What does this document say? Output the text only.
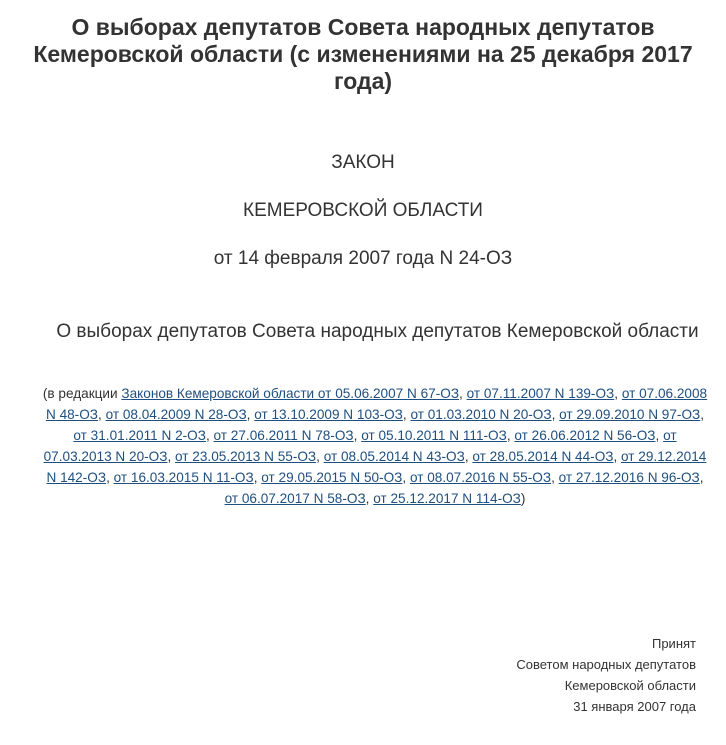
О выборах депутатов Совета народных депутатов Кемеровской области (с изменениями на 25 декабря 2017 года)
ЗАКОН
КЕМЕРОВСКОЙ ОБЛАСТИ
от 14 февраля 2007 года N 24-ОЗ
О выборах депутатов Совета народных депутатов Кемеровской области
(в редакции Законов Кемеровской области от 05.06.2007 N 67-ОЗ, от 07.11.2007 N 139-ОЗ, от 07.06.2008 N 48-ОЗ, от 08.04.2009 N 28-ОЗ, от 13.10.2009 N 103-ОЗ, от 01.03.2010 N 20-ОЗ, от 29.09.2010 N 97-ОЗ, от 31.01.2011 N 2-ОЗ, от 27.06.2011 N 78-ОЗ, от 05.10.2011 N 111-ОЗ, от 26.06.2012 N 56-ОЗ, от 07.03.2013 N 20-ОЗ, от 23.05.2013 N 55-ОЗ, от 08.05.2014 N 43-ОЗ, от 28.05.2014 N 44-ОЗ, от 29.12.2014 N 142-ОЗ, от 16.03.2015 N 11-ОЗ, от 29.05.2015 N 50-ОЗ, от 08.07.2016 N 55-ОЗ, от 27.12.2016 N 96-ОЗ, от 06.07.2017 N 58-ОЗ, от 25.12.2017 N 114-ОЗ)
Принят
Советом народных депутатов
Кемеровской области
31 января 2007 года
